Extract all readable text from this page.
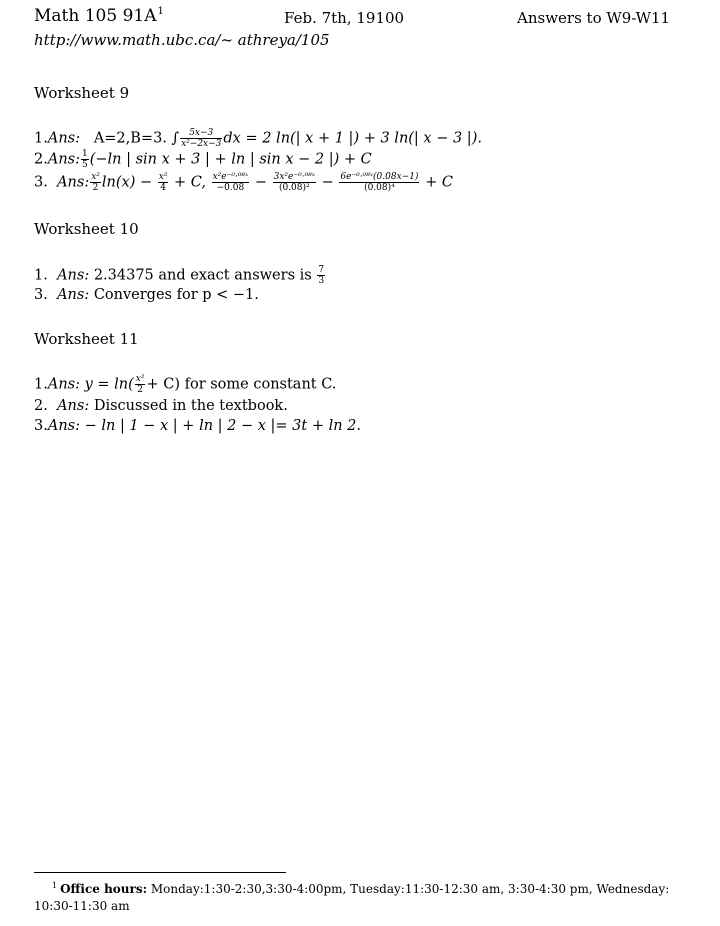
Math 105 91A$^1$	Feb. 7th, 19100	Answers to W9-W11
http://www.math.ubc.ca/~ athreya/105
Worksheet 9
1.Ans: A=2,B=3. ∫ $\frac{5x-3}{\text{x²−2x−3}}$ dx = 2 ln(| x + 1 |) + 3 ln(| x − 3 |).
2.Ans: $\frac{1}{5} (-\ln$ | sin x + 3 | + ln | sin x − 2 |) + C
3. Ans: $\frac{\text{x²}}{2} \ln(x) - \frac{\text{x²}}{4} + C$, $\frac{\text{x²e⁻⁰·⁰⁸ˣ}}{-0.08} - \frac{\text{3x²e⁻⁰·⁰⁸ˣ}}{\text{(0.08)²}} - \frac{\text{6e⁻⁰·⁰⁸ˣ(0.08x−1)}}{\text{(0.08)⁴}} + C$
Worksheet 10
1. Ans: 2.34375 and exact answers is $\frac{7}{3}$
3. Ans: Converges for p < −1.
Worksheet 11
1.Ans: $y = \ln( \frac{\text{x²}}{2} + C)$ for some constant C.
2. Ans: Discussed in the textbook.
3.Ans: − ln | 1 − x | + ln | 2 − x |= 3t + ln 2.
$^1$ Office hours: Monday:1:30-2:30,3:30-4:00pm, Tuesday:11:30-12:30 am, 3:30-4:30 pm, Wednesday: 10:30-11:30 am
